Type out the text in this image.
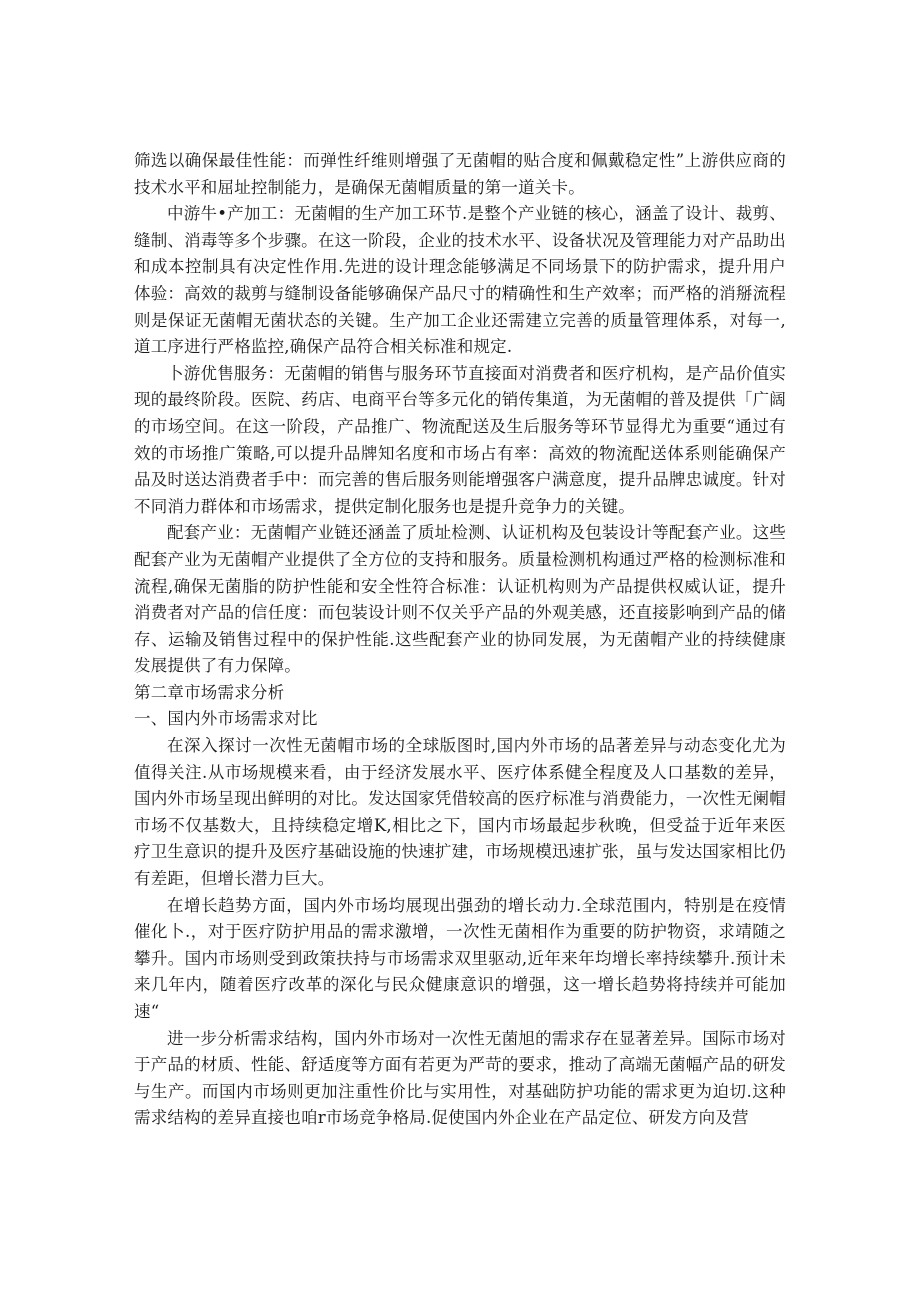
筛选以确保最佳性能：而弹性纤维则增强了无菌帽的贴合度和佩戴稳定性”上游供应商的技术水平和屈址控制能力，是确保无菌帽质量的第一道关卡。

中游牛•产加工：无菌帽的生产加工环节.是整个产业链的核心，涵盖了设计、裁剪、缝制、消毒等多个步骤。在这一阶段，企业的技术水平、设备状况及管理能力对产品助出和成本控制具有决定性作用.先进的设计理念能够满足不同场景下的防护需求，提升用户体验：高效的裁剪与缝制设备能够确保产品尺寸的精确性和生产效率；而严格的消掰流程则是保证无菌帽无菌状态的关键。生产加工企业还需建立完善的质量管理体系，对每一,道工序进行严格监控,确保产品符合相关标准和规定.

卜游优售服务：无菌帽的销售与服务环节直接面对消费者和医疗机构，是产品价值实现的最终阶段。医院、药店、电商平台等多元化的销传集道，为无菌帽的普及提供「广阔的市场空间。在这一阶段，产品推广、物流配送及生后服务等环节显得尤为重要“通过有效的市场推广策略,可以提升品牌知名度和市场占有率：高效的物流配送体系则能确保产品及时送达消费者手中：而完善的售后服务则能增强客户满意度，提升品牌忠诚度。针对不同消力群体和市场需求，提供定制化服务也是提升竞争力的关键。

配套产业：无菌帽产业链还涵盖了质址检测、认证机构及包装设计等配套产业。这些配套产业为无菌帽产业提供了全方位的支持和服务。质量检测机构通过严格的检测标准和流程,确保无菌脂的防护性能和安全性符合标准：认证机构则为产品提供权威认证，提升消费者对产品的信任度：而包装设计则不仅关乎产品的外观美感，还直接影响到产品的储存、运输及销售过程中的保护性能.这些配套产业的协同发展，为无菌帽产业的持续健康发展提供了有力保障。

第二章市场需求分析
一、国内外市场需求对比

在深入探讨一次性无菌帽市场的全球版图时,国内外市场的品著差异与动态变化尤为值得关注.从市场规模来看，由于经济发展水平、医疗体系健全程度及人口基数的差异，国内外市场呈现出鲜明的对比。发达国家凭借较高的医疗标准与消费能力，一次性无阑帽市场不仅基数大，且持续稳定增K,相比之下，国内市场最起步秋晚，但受益于近年来医疗卫生意识的提升及医疗基础设施的快速扩建，市场规模迅速扩张，虽与发达国家相比仍有差距，但增长潜力巨大。

在增长趋势方面，国内外市场均展现出强劲的增长动力.全球范围内，特别是在疫情催化卜.，对于医疗防护用品的需求激增，一次性无菌相作为重要的防护物资，求靖随之攀升。国内市场则受到政策扶持与市场需求双里驱动,近年来年均增长率持续攀升.预计未来几年内，随着医疗改革的深化与民众健康意识的增强，这一增长趋势将持续并可能加速“

进一步分析需求结构，国内外市场对一次性无菌旭的需求存在显著差异。国际市场对于产品的材质、性能、舒适度等方面有若更为严苛的要求，推动了高端无菌幅产品的研发与生产。而国内市场则更加注重性价比与实用性，对基础防护功能的需求更为迫切.这种需求结构的差异直接也咱r市场竞争格局.促使国内外企业在产品定位、研发方向及营
